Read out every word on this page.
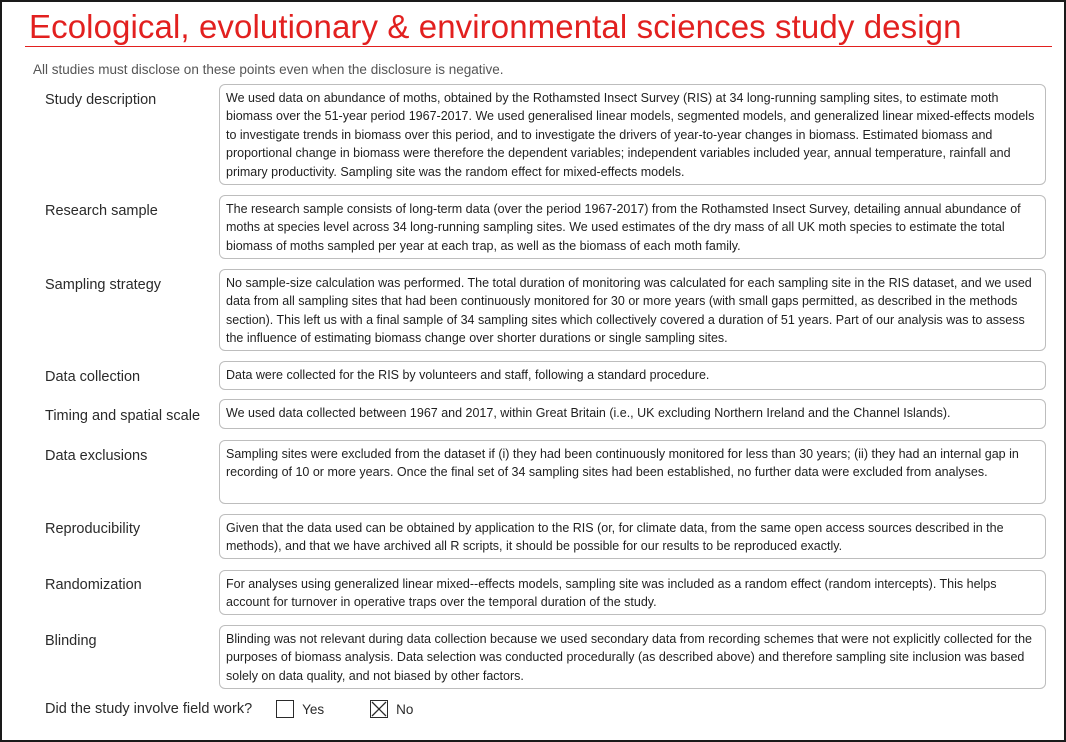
Ecological, evolutionary & environmental sciences study design
All studies must disclose on these points even when the disclosure is negative.
Study description	We used data on abundance of moths, obtained by the Rothamsted Insect Survey (RIS) at 34 long-running sampling sites, to estimate moth biomass over the 51-year period 1967-2017. We used generalised linear models, segmented models, and generalized linear mixed-effects models to investigate trends in biomass over this period, and to investigate the drivers of year-to-year changes in biomass. Estimated biomass and proportional change in biomass were therefore the dependent variables; independent variables included year, annual temperature, rainfall and primary productivity. Sampling site was the random effect for mixed-effects models.
Research sample	The research sample consists of long-term data (over the period 1967-2017) from the Rothamsted Insect Survey, detailing annual abundance of moths at species level across 34 long-running sampling sites. We used estimates of the dry mass of all UK moth species to estimate the total biomass of moths sampled per year at each trap, as well as the biomass of each moth family.
Sampling strategy	No sample-size calculation was performed. The total duration of monitoring was calculated for each sampling site in the RIS dataset, and we used data from all sampling sites that had been continuously monitored for 30 or more years (with small gaps permitted, as described in the methods section). This left us with a final sample of 34 sampling sites which collectively covered a duration of 51 years. Part of our analysis was to assess the influence of estimating biomass change over shorter durations or single sampling sites.
Data collection	Data were collected for the RIS by volunteers and staff, following a standard procedure.
Timing and spatial scale	We used data collected between 1967 and 2017, within Great Britain (i.e., UK excluding Northern Ireland and the Channel Islands).
Data exclusions	Sampling sites were excluded from the dataset if (i) they had been continuously monitored for less than 30 years; (ii) they had an internal gap in recording of 10 or more years. Once the final set of 34 sampling sites had been established, no further data were excluded from analyses.
Reproducibility	Given that the data used can be obtained by application to the RIS (or, for climate data, from the same open access sources described in the methods), and that we have archived all R scripts, it should be possible for our results to be reproduced exactly.
Randomization	For analyses using generalized linear mixed--effects models, sampling site was included as a random effect (random intercepts). This helps account for turnover in operative traps over the temporal duration of the study.
Blinding	Blinding was not relevant during data collection because we used secondary data from recording schemes that were not explicitly collected for the purposes of biomass analysis. Data selection was conducted procedurally (as described above) and therefore sampling site inclusion was based solely on data quality, and not biased by other factors.
Did the study involve field work?	Yes	No
